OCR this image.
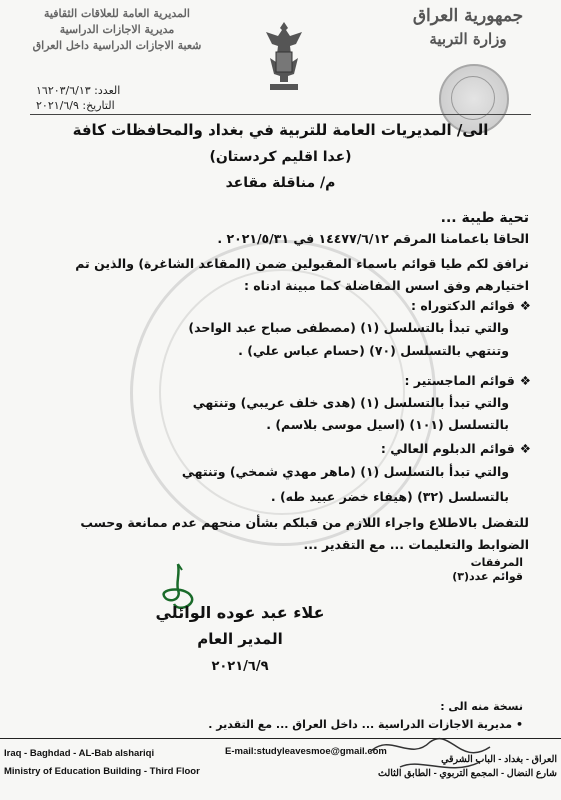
جمهورية العراق
وزارة التربية
المديرية العامة للعلاقات الثقافية
مديرية الاجازات الدراسية
شعبة الاجازات الدراسية داخل العراق
العدد: ١٦٢٠٣/٦/١٣
التاريخ: ٢٠٢١/٦/٩
الى/ المديريات العامة للتربية في بغداد والمحافظات كافة
(عدا اقليم كردستان)
م/ مناقلة مقاعد
تحية طيبة ...
الحاقا باعمامنا المرقم ١٤٤٧٧/٦/١٢ في ٢٠٢١/٥/٣١ .
نرافق لكم طيا قوائم باسماء المقبولين ضمن (المقاعد الشاغرة) والذين تم
اختيارهم وفق اسس المفاضلة كما مبينة ادناه :
❖قوائم الدكتوراه :
والتي تبدأ بالتسلسل (١) (مصطفى صباح عبد الواحد)
وتنتهي بالتسلسل (٧٠) (حسام عباس علي) .
❖قوائم الماجستير :
والتي تبدأ بالتسلسل (١) (هدى خلف عريبي) وتنتهي
بالتسلسل (١٠١) (اسيل موسى بلاسم) .
❖قوائم الدبلوم العالي :
والتي تبدأ بالتسلسل (١) (ماهر مهدي شمخي) وتنتهي
بالتسلسل (٣٢) (هيفاء خضر عبيد طه) .
للتفضل بالاطلاع واجراء اللازم من قبلكم بشأن منحهم عدم ممانعة وحسب
الضوابط والتعليمات ... مع التقدير ...
المرفقات
قوائم عدد(٣)
علاء عبد عوده الوائلي
المدير العام
٢٠٢١/٦/٩
نسخة منه الى :
• مديرية الاجازات الدراسية ... داخل العراق ... مع التقدير .
Iraq - Baghdad - AL-Bab alshariqi
Ministry of Education Building - Third Floor
E-mail:studyleavesmoe@gmail.com
العراق - بغداد - الباب الشرقي
شارع النضال - المجمع التربوي - الطابق الثالث
